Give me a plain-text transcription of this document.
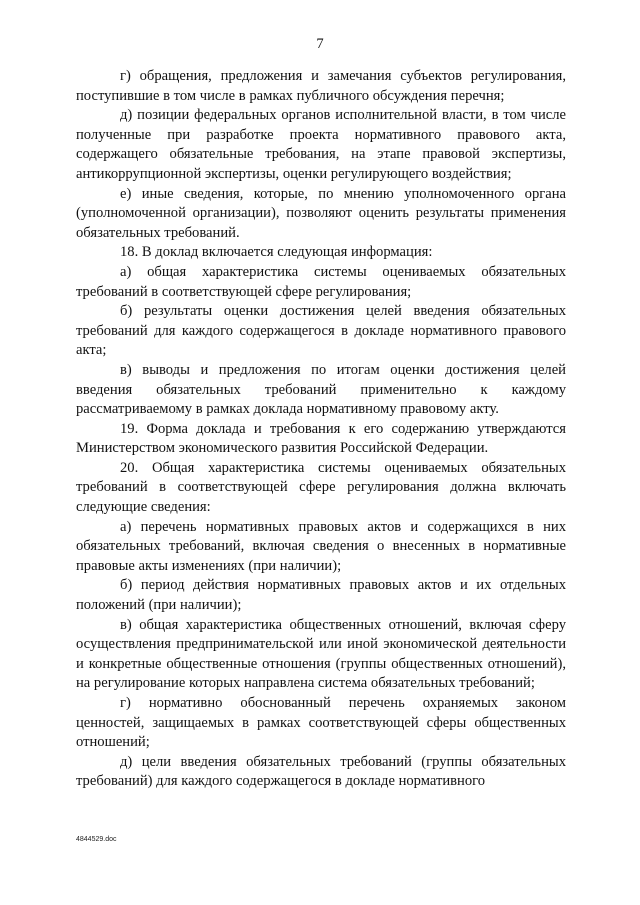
7

г) обращения, предложения и замечания субъектов регулирования, поступившие в том числе в рамках публичного обсуждения перечня;

д) позиции федеральных органов исполнительной власти, в том числе полученные при разработке проекта нормативного правового акта, содержащего обязательные требования, на этапе правовой экспертизы, антикоррупционной экспертизы, оценки регулирующего воздействия;

е) иные сведения, которые, по мнению уполномоченного органа (уполномоченной организации), позволяют оценить результаты применения обязательных требований.

18. В доклад включается следующая информация:

а) общая характеристика системы оцениваемых обязательных требований в соответствующей сфере регулирования;

б) результаты оценки достижения целей введения обязательных требований для каждого содержащегося в докладе нормативного правового акта;

в) выводы и предложения по итогам оценки достижения целей введения обязательных требований применительно к каждому рассматриваемому в рамках доклада нормативному правовому акту.

19. Форма доклада и требования к его содержанию утверждаются Министерством экономического развития Российской Федерации.

20. Общая характеристика системы оцениваемых обязательных требований в соответствующей сфере регулирования должна включать следующие сведения:

а) перечень нормативных правовых актов и содержащихся в них обязательных требований, включая сведения о внесенных в нормативные правовые акты изменениях (при наличии);

б) период действия нормативных правовых актов и их отдельных положений (при наличии);

в) общая характеристика общественных отношений, включая сферу осуществления предпринимательской или иной экономической деятельности и конкретные общественные отношения (группы общественных отношений), на регулирование которых направлена система обязательных требований;

г) нормативно обоснованный перечень охраняемых законом ценностей, защищаемых в рамках соответствующей сферы общественных отношений;

д) цели введения обязательных требований (группы обязательных требований) для каждого содержащегося в докладе нормативного

4844529.doc
